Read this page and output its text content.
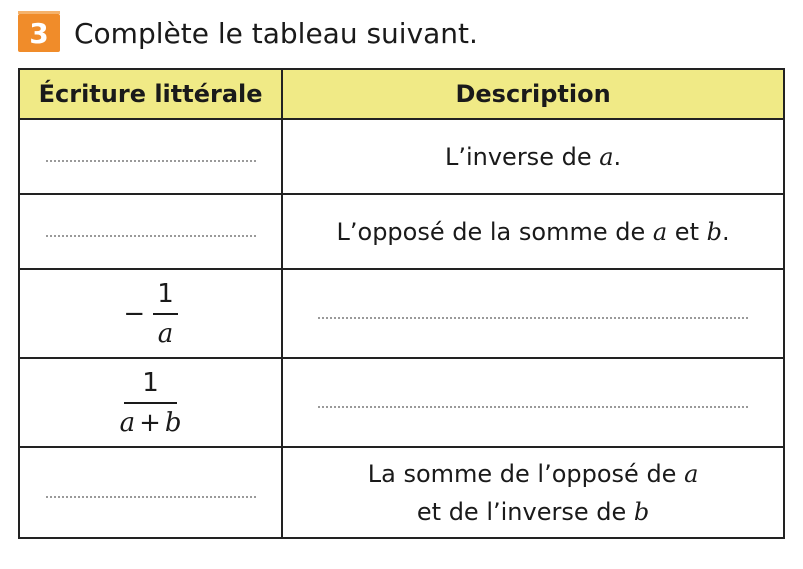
3 Complète le tableau suivant.
Écriture littérale	Description
	L’inverse de a.
	L’opposé de la somme de a et b.

− $\frac{1}{a}$

$\frac{1}{a + b}$

	La somme de l’opposé de a
et de l’inverse de b
